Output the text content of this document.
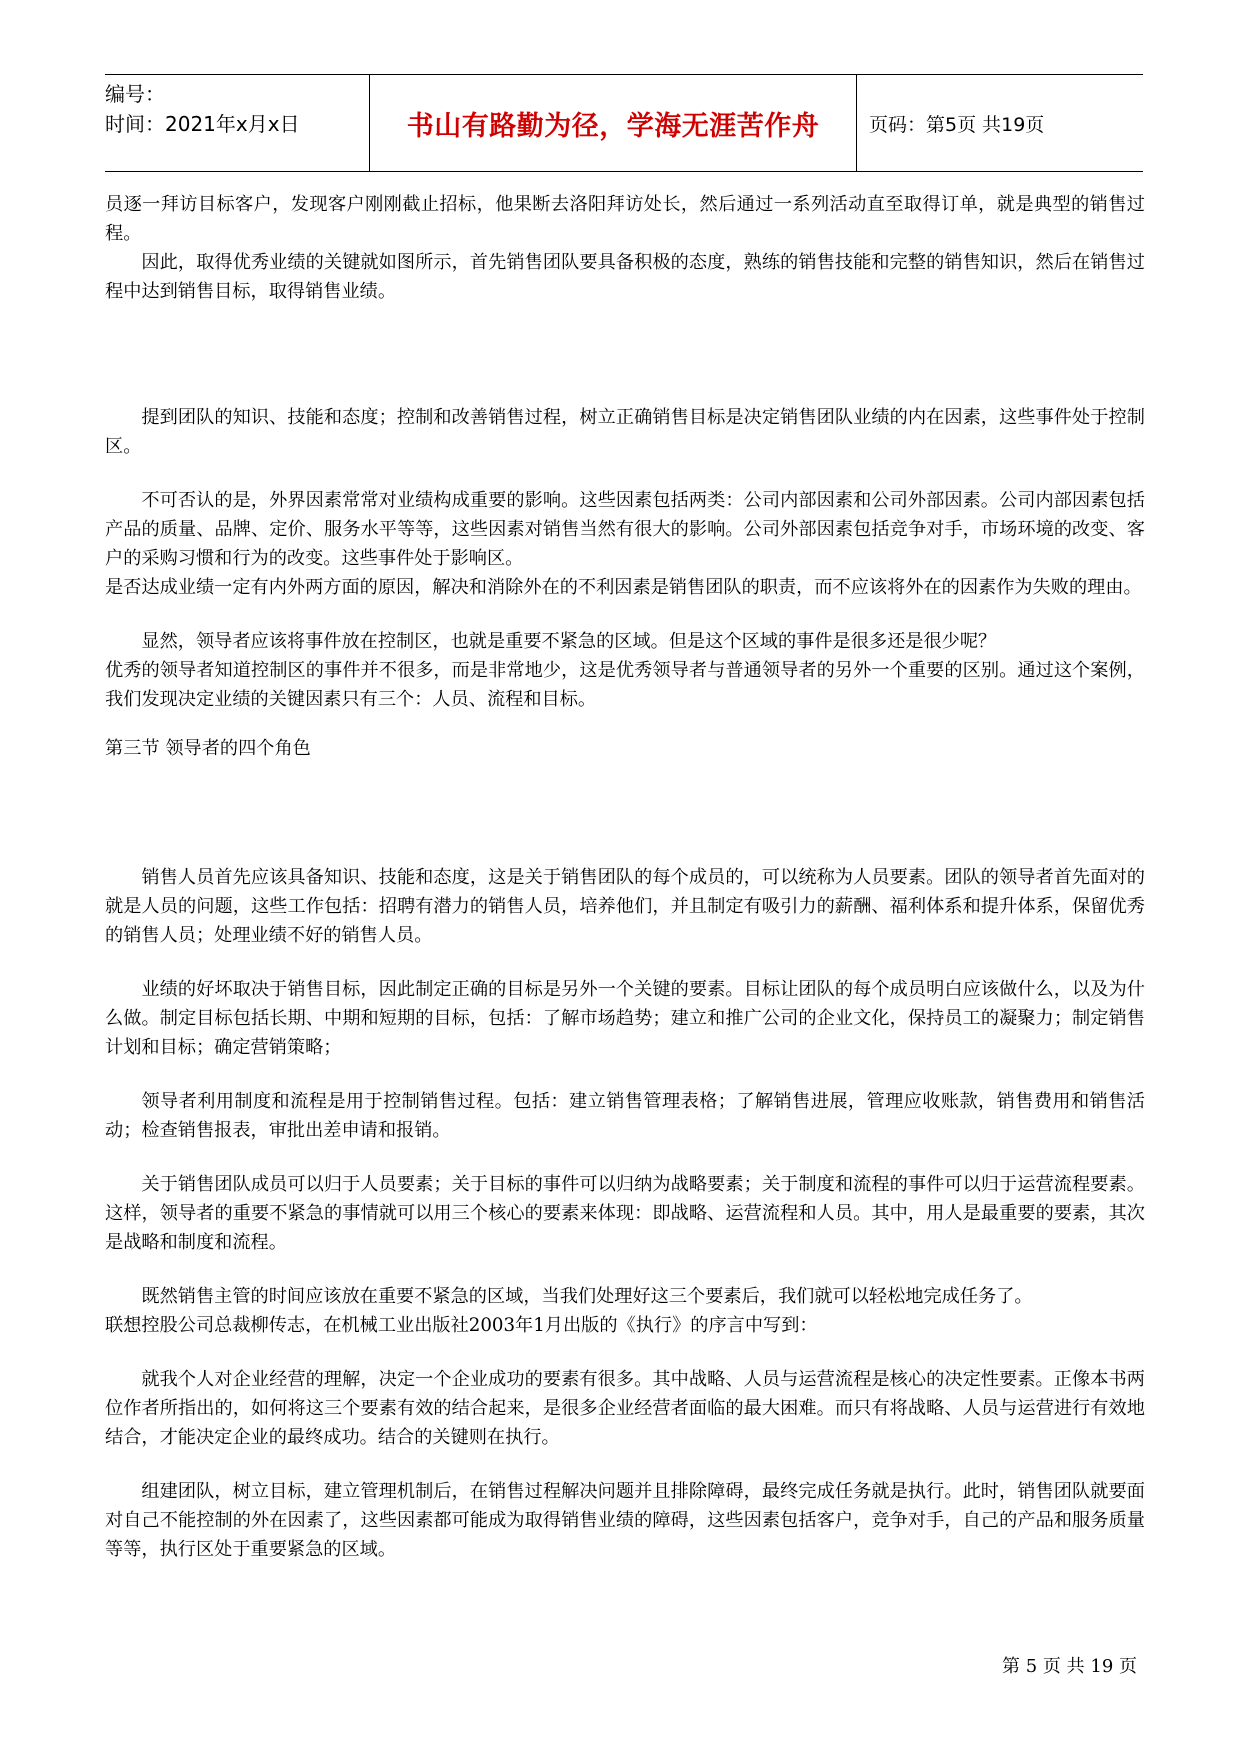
编号：
时间：2021年x月x日	书山有路勤为径，学海无涯苦作舟	页码：第5页 共19页

员逐一拜访目标客户，发现客户刚刚截止招标，他果断去洛阳拜访处长，然后通过一系列活动直至取得订单，就是典型的销售过程。

因此，取得优秀业绩的关键就如图所示，首先销售团队要具备积极的态度，熟练的销售技能和完整的销售知识，然后在销售过程中达到销售目标，取得销售业绩。

提到团队的知识、技能和态度；控制和改善销售过程，树立正确销售目标是决定销售团队业绩的内在因素，这些事件处于控制区。

不可否认的是，外界因素常常对业绩构成重要的影响。这些因素包括两类：公司内部因素和公司外部因素。公司内部因素包括产品的质量、品牌、定价、服务水平等等，这些因素对销售当然有很大的影响。公司外部因素包括竞争对手，市场环境的改变、客户的采购习惯和行为的改变。这些事件处于影响区。

是否达成业绩一定有内外两方面的原因，解决和消除外在的不利因素是销售团队的职责，而不应该将外在的因素作为失败的理由。

显然，领导者应该将事件放在控制区，也就是重要不紧急的区域。但是这个区域的事件是很多还是很少呢？

优秀的领导者知道控制区的事件并不很多，而是非常地少，这是优秀领导者与普通领导者的另外一个重要的区别。通过这个案例，我们发现决定业绩的关键因素只有三个：人员、流程和目标。

第三节 领导者的四个角色

销售人员首先应该具备知识、技能和态度，这是关于销售团队的每个成员的，可以统称为人员要素。团队的领导者首先面对的就是人员的问题，这些工作包括：招聘有潜力的销售人员，培养他们，并且制定有吸引力的薪酬、福利体系和提升体系，保留优秀的销售人员；处理业绩不好的销售人员。

业绩的好坏取决于销售目标，因此制定正确的目标是另外一个关键的要素。目标让团队的每个成员明白应该做什么，以及为什么做。制定目标包括长期、中期和短期的目标，包括：了解市场趋势；建立和推广公司的企业文化，保持员工的凝聚力；制定销售计划和目标；确定营销策略；

领导者利用制度和流程是用于控制销售过程。包括：建立销售管理表格；了解销售进展，管理应收账款，销售费用和销售活动；检查销售报表，审批出差申请和报销。

关于销售团队成员可以归于人员要素；关于目标的事件可以归纳为战略要素；关于制度和流程的事件可以归于运营流程要素。这样，领导者的重要不紧急的事情就可以用三个核心的要素来体现：即战略、运营流程和人员。其中，用人是最重要的要素，其次是战略和制度和流程。

既然销售主管的时间应该放在重要不紧急的区域，当我们处理好这三个要素后，我们就可以轻松地完成任务了。

联想控股公司总裁柳传志，在机械工业出版社2003年1月出版的《执行》的序言中写到：

就我个人对企业经营的理解，决定一个企业成功的要素有很多。其中战略、人员与运营流程是核心的决定性要素。正像本书两位作者所指出的，如何将这三个要素有效的结合起来，是很多企业经营者面临的最大困难。而只有将战略、人员与运营进行有效地结合，才能决定企业的最终成功。结合的关键则在执行。

组建团队，树立目标，建立管理机制后，在销售过程解决问题并且排除障碍，最终完成任务就是执行。此时，销售团队就要面对自己不能控制的外在因素了，这些因素都可能成为取得销售业绩的障碍，这些因素包括客户，竞争对手，自己的产品和服务质量等等，执行区处于重要紧急的区域。

第 5 页 共 19 页
